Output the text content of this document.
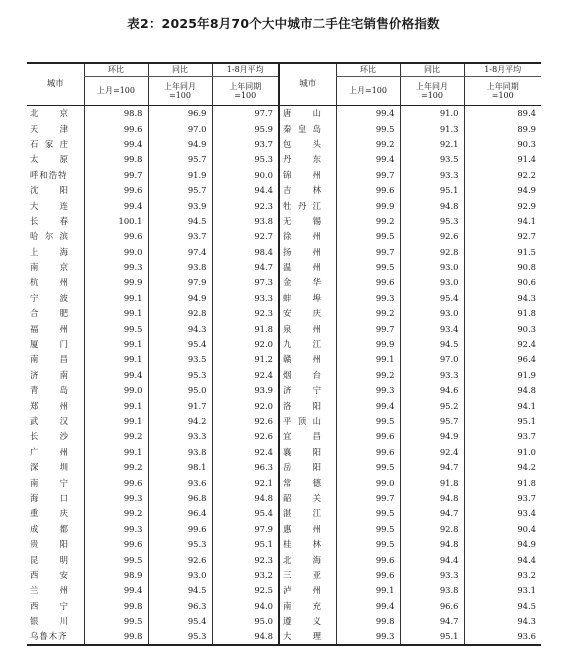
表2：2025年8月70个大中城市二手住宅销售价格指数
城市	环比	同比	1-8月平均	城市	环比	同比	1-8月平均
	上月=100	上年同月=100	上年同期=100		上月=100	上年同月=100	上年同期=100

北 京	98.8	96.9	97.7	唐 山	99.4	91.0	89.4

天 津	99.6	97.0	95.9	秦 皇 岛	99.5	91.3	89.9

石 家 庄	99.4	94.9	93.7	包 头	99.2	92.1	90.3

太 原	99.8	95.7	95.3	丹 东	99.4	93.5	91.4

呼和浩特	99.7	91.9	90.0	锦 州	99.7	93.3	92.2

沈 阳	99.6	95.7	94.4	吉 林	99.6	95.1	94.9

大 连	99.4	93.9	92.3	牡 丹 江	99.9	94.8	92.9

长 春	100.1	94.5	93.8	无 锡	99.2	95.3	94.1

哈 尔 滨	99.6	93.7	92.7	徐 州	99.5	92.6	92.7

上 海	99.0	97.4	98.4	扬 州	99.7	92.8	91.5

南 京	99.3	93.8	94.7	温 州	99.5	93.0	90.8

杭 州	99.9	97.9	97.3	金 华	99.6	93.0	90.6

宁 波	99.1	94.9	93.3	蚌 埠	99.3	95.4	94.3

合 肥	99.1	92.8	92.3	安 庆	99.2	93.0	91.8

福 州	99.5	94.3	91.8	泉 州	99.7	93.4	90.3

厦 门	99.1	95.4	92.0	九 江	99.9	94.5	92.4

南 昌	99.1	93.5	91.2	赣 州	99.1	97.0	96.4

济 南	99.4	95.3	92.4	烟 台	99.2	93.3	91.9

青 岛	99.0	95.0	93.9	济 宁	99.3	94.6	94.8

郑 州	99.1	91.7	92.0	洛 阳	99.4	95.2	94.1

武 汉	99.1	94.2	92.6	平 顶 山	99.5	95.7	95.1

长 沙	99.2	93.3	92.6	宜 昌	99.6	94.9	93.7

广 州	99.1	93.8	92.4	襄 阳	99.6	92.4	91.0

深 圳	99.2	98.1	96.3	岳 阳	99.5	94.7	94.2

南 宁	99.6	93.6	92.1	常 德	99.0	91.8	91.8

海 口	99.3	96.8	94.8	韶 关	99.7	94.8	93.7

重 庆	99.2	96.4	95.4	湛 江	99.5	94.7	93.4

成 都	99.3	99.6	97.9	惠 州	99.5	92.8	90.4

贵 阳	99.6	95.3	95.1	桂 林	99.5	94.8	94.9

昆 明	99.5	92.6	92.3	北 海	99.6	94.4	94.4

西 安	98.9	93.0	93.2	三 亚	99.6	93.3	93.2

兰 州	99.4	94.5	92.5	泸 州	99.1	93.8	93.1

西 宁	99.8	96.3	94.0	南 充	99.4	96.6	94.5

银 川	99.5	95.4	95.0	遵 义	99.8	94.7	94.3

乌鲁木齐	99.8	95.3	94.8	大 理	99.3	95.1	93.6
